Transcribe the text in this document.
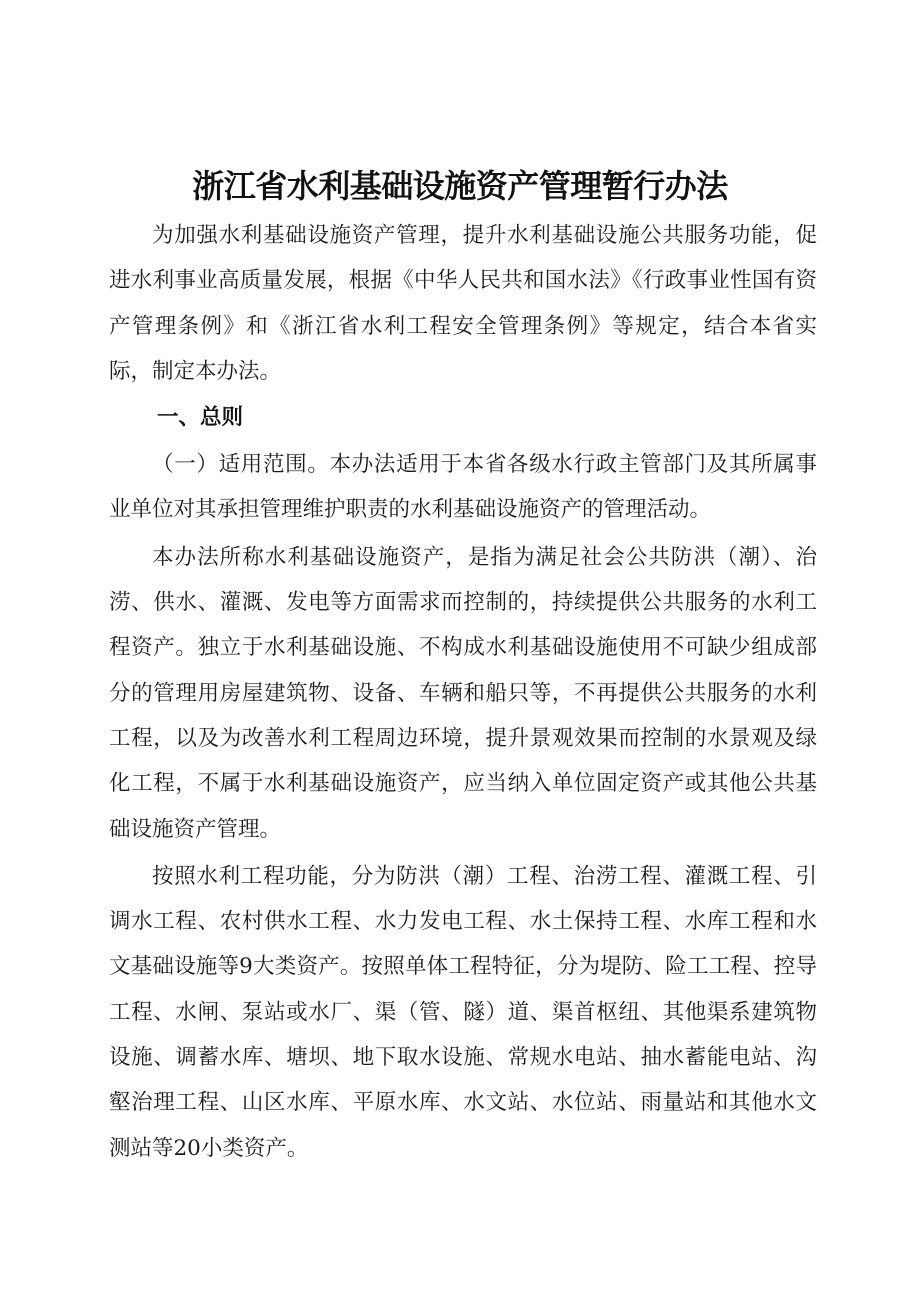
浙江省水利基础设施资产管理暂行办法

为加强水利基础设施资产管理，提升水利基础设施公共服务功能，促进水利事业高质量发展，根据《中华人民共和国水法》《行政事业性国有资产管理条例》和《浙江省水利工程安全管理条例》等规定，结合本省实际，制定本办法。

一、总则

（一）适用范围。本办法适用于本省各级水行政主管部门及其所属事业单位对其承担管理维护职责的水利基础设施资产的管理活动。

本办法所称水利基础设施资产，是指为满足社会公共防洪（潮）、治涝、供水、灌溉、发电等方面需求而控制的，持续提供公共服务的水利工程资产。独立于水利基础设施、不构成水利基础设施使用不可缺少组成部分的管理用房屋建筑物、设备、车辆和船只等，不再提供公共服务的水利工程，以及为改善水利工程周边环境，提升景观效果而控制的水景观及绿化工程，不属于水利基础设施资产，应当纳入单位固定资产或其他公共基础设施资产管理。

按照水利工程功能，分为防洪（潮）工程、治涝工程、灌溉工程、引调水工程、农村供水工程、水力发电工程、水土保持工程、水库工程和水文基础设施等9大类资产。按照单体工程特征，分为堤防、险工工程、控导工程、水闸、泵站或水厂、渠（管、隧）道、渠首枢纽、其他渠系建筑物设施、调蓄水库、塘坝、地下取水设施、常规水电站、抽水蓄能电站、沟壑治理工程、山区水库、平原水库、水文站、水位站、雨量站和其他水文测站等20小类资产。
